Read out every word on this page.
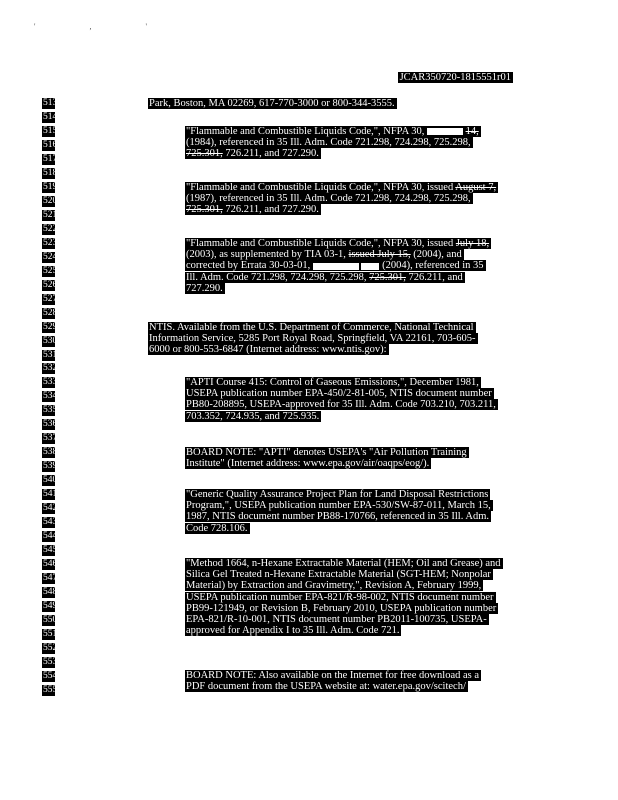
' , '
JCAR350720-1815551r01
513
514
515
516
517
518
519
520
521
522
523
524
525
526
527
528
529
530
531
532
533
534
535
536
537
538
539
540
541
542
543
544
545
546
547
548
549
550
551
552
553
554
555
Park, Boston, MA 02269, 617-770-3000 or 800-344-3555.
"Flammable and Combustible Liquids Code,", NFPA 30,	14,
(1984), referenced in 35 Ill. Adm. Code 721.298, 724.298, 725.298,
725.301, 726.211, and 727.290.
"Flammable and Combustible Liquids Code,", NFPA 30, issued August 7,
(1987), referenced in 35 Ill. Adm. Code 721.298, 724.298, 725.298,
725.301, 726.211, and 727.290.
"Flammable and Combustible Liquids Code,", NFPA 30, issued July 18,
(2003), as supplemented by TIA 03-1, issued July 15, (2004), and
corrected by Errata 30-03-01,	(2004), referenced in 35
Ill. Adm. Code 721.298, 724.298, 725.298, 725.301, 726.211, and
727.290.
NTIS. Available from the U.S. Department of Commerce, National Technical
Information Service, 5285 Port Royal Road, Springfield, VA 22161, 703-605-
6000 or 800-553-6847 (Internet address: www.ntis.gov):
"APTI Course 415: Control of Gaseous Emissions,", December 1981,
USEPA publication number EPA-450/2-81-005, NTIS document number
PB80-208895, USEPA-approved for 35 Ill. Adm. Code 703.210, 703.211,
703.352, 724.935, and 725.935.
BOARD NOTE: "APTI" denotes USEPA's "Air Pollution Training
Institute" (Internet address: www.epa.gov/air/oaqps/eog/).
"Generic Quality Assurance Project Plan for Land Disposal Restrictions
Program,", USEPA publication number EPA-530/SW-87-011, March 15,
1987, NTIS document number PB88-170766, referenced in 35 Ill. Adm.
Code 728.106.
"Method 1664, n-Hexane Extractable Material (HEM; Oil and Grease) and
Silica Gel Treated n-Hexane Extractable Material (SGT-HEM; Nonpolar
Material) by Extraction and Gravimetry,", Revision A, February 1999,
USEPA publication number EPA-821/R-98-002, NTIS document number
PB99-121949, or Revision B, February 2010, USEPA publication number
EPA-821/R-10-001, NTIS document number PB2011-100735, USEPA-
approved for Appendix I to 35 Ill. Adm. Code 721.
BOARD NOTE: Also available on the Internet for free download as a
PDF document from the USEPA website at: water.epa.gov/scitech/
